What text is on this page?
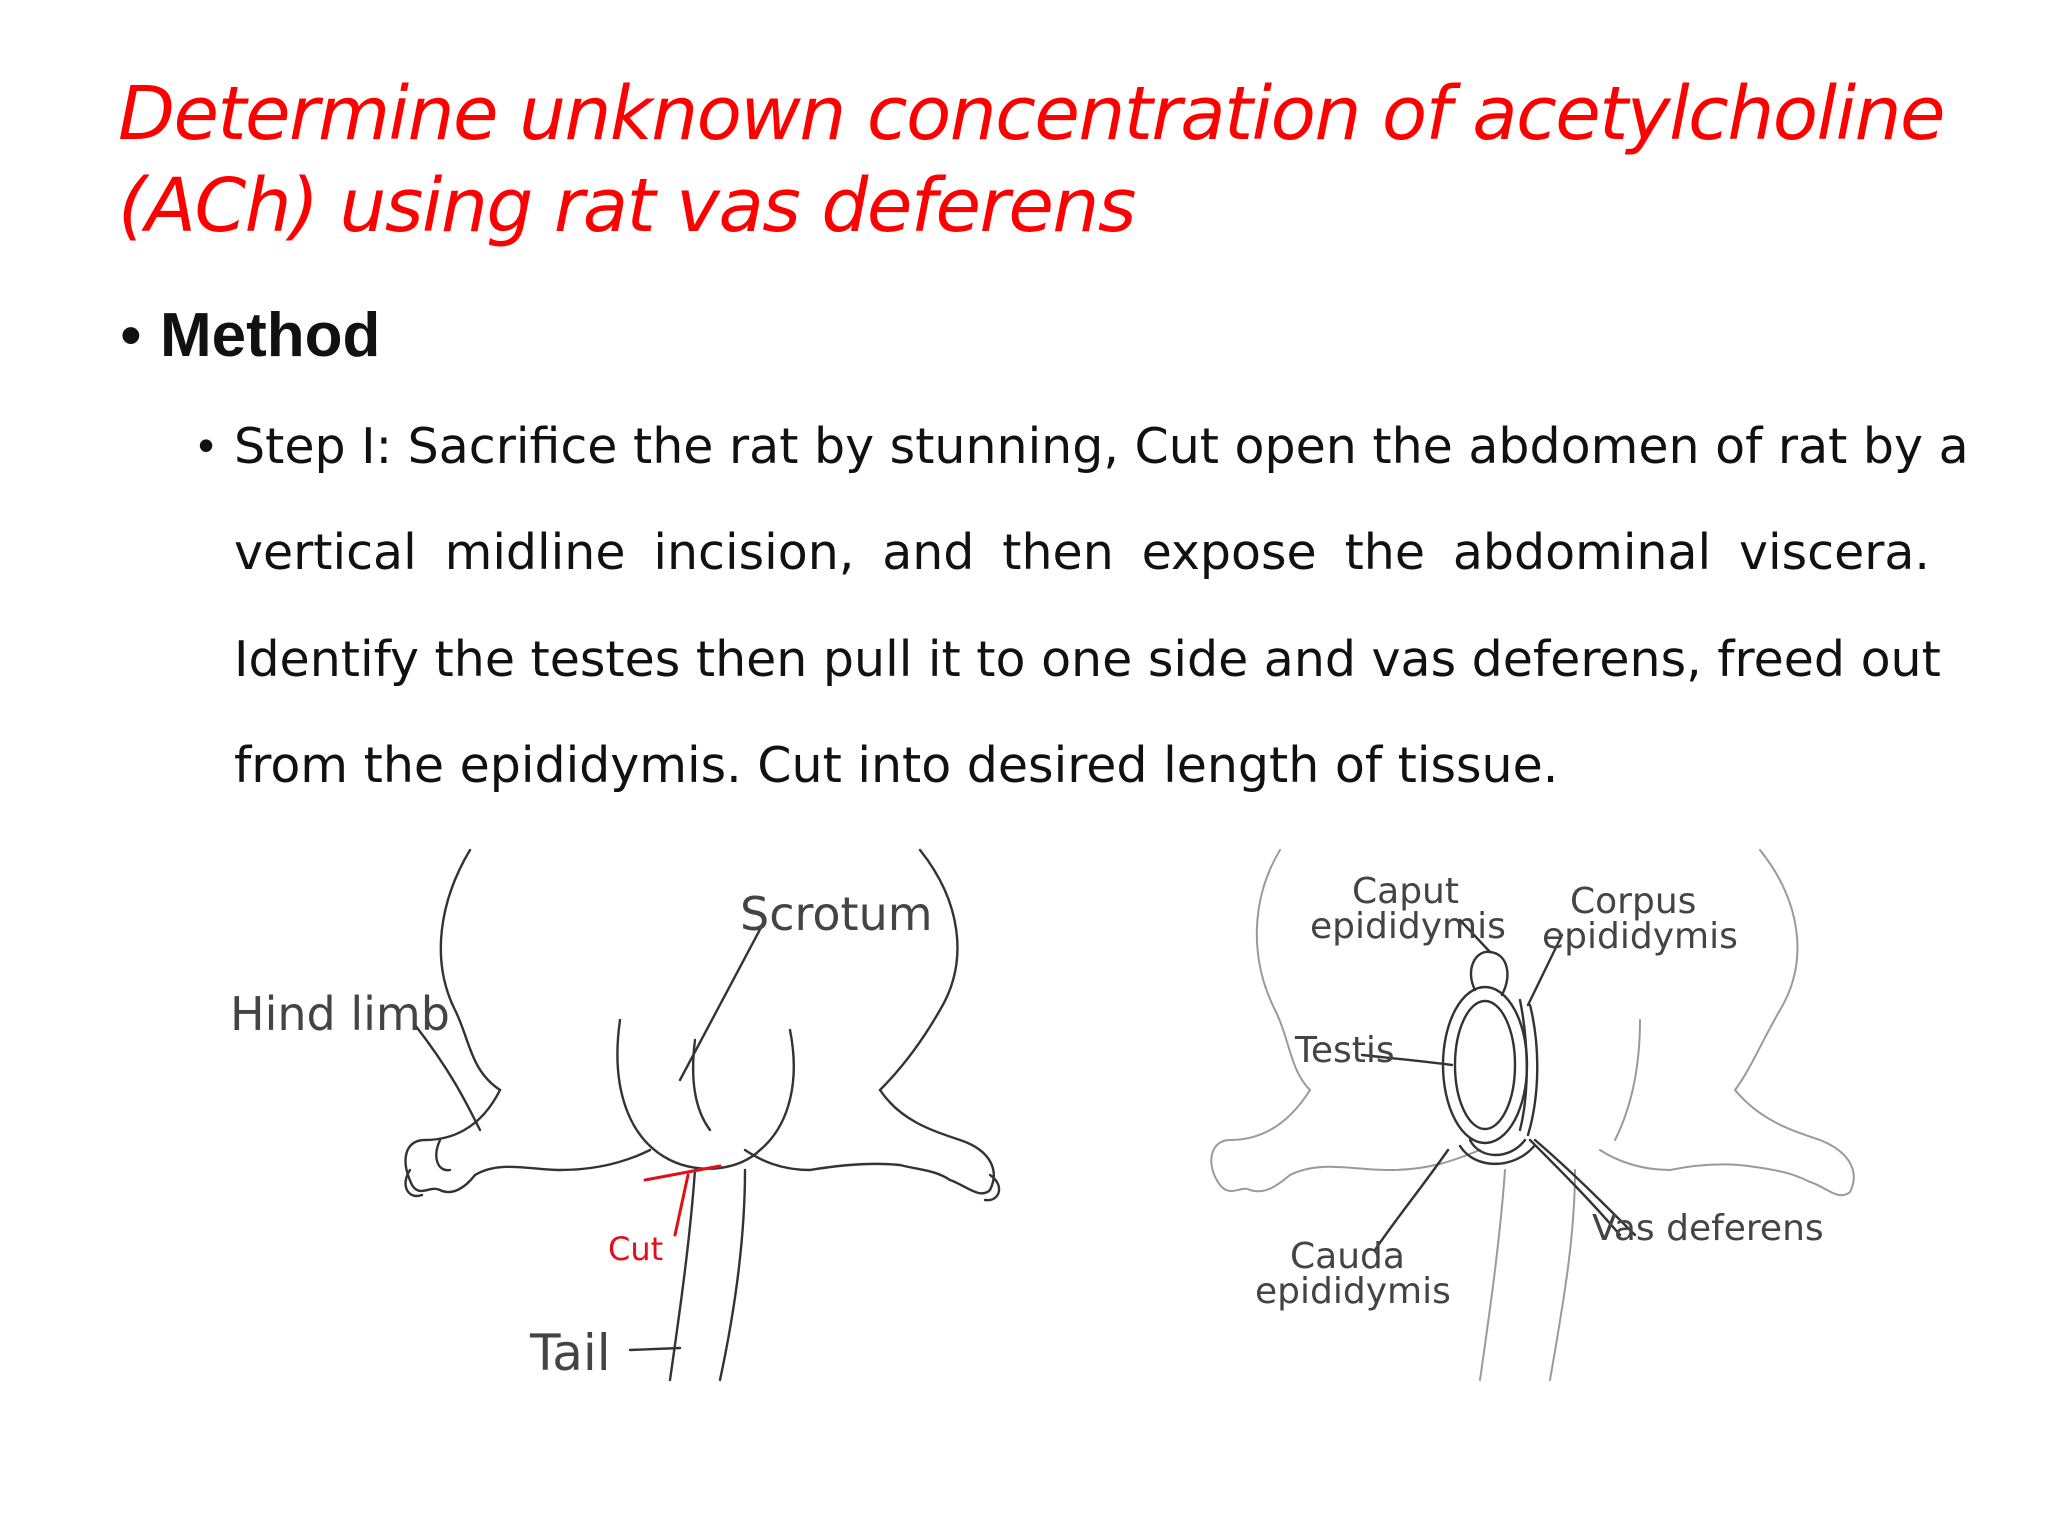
Determine unknown concentration of acetylcholine
(ACh) using rat vas deferens
• Method
• Step I: Sacrifice the rat by stunning, Cut open the abdomen of rat by a
vertical midline incision, and then expose the abdominal viscera.
Identify the testes then pull it to one side and vas deferens, freed out
from the epididymis. Cut into desired length of tissue.
Scrotum
Hind limb
Cut
Tail
Caput
epididymis
Corpus
epididymis
Testis
Cauda
epididymis
Vas deferens
